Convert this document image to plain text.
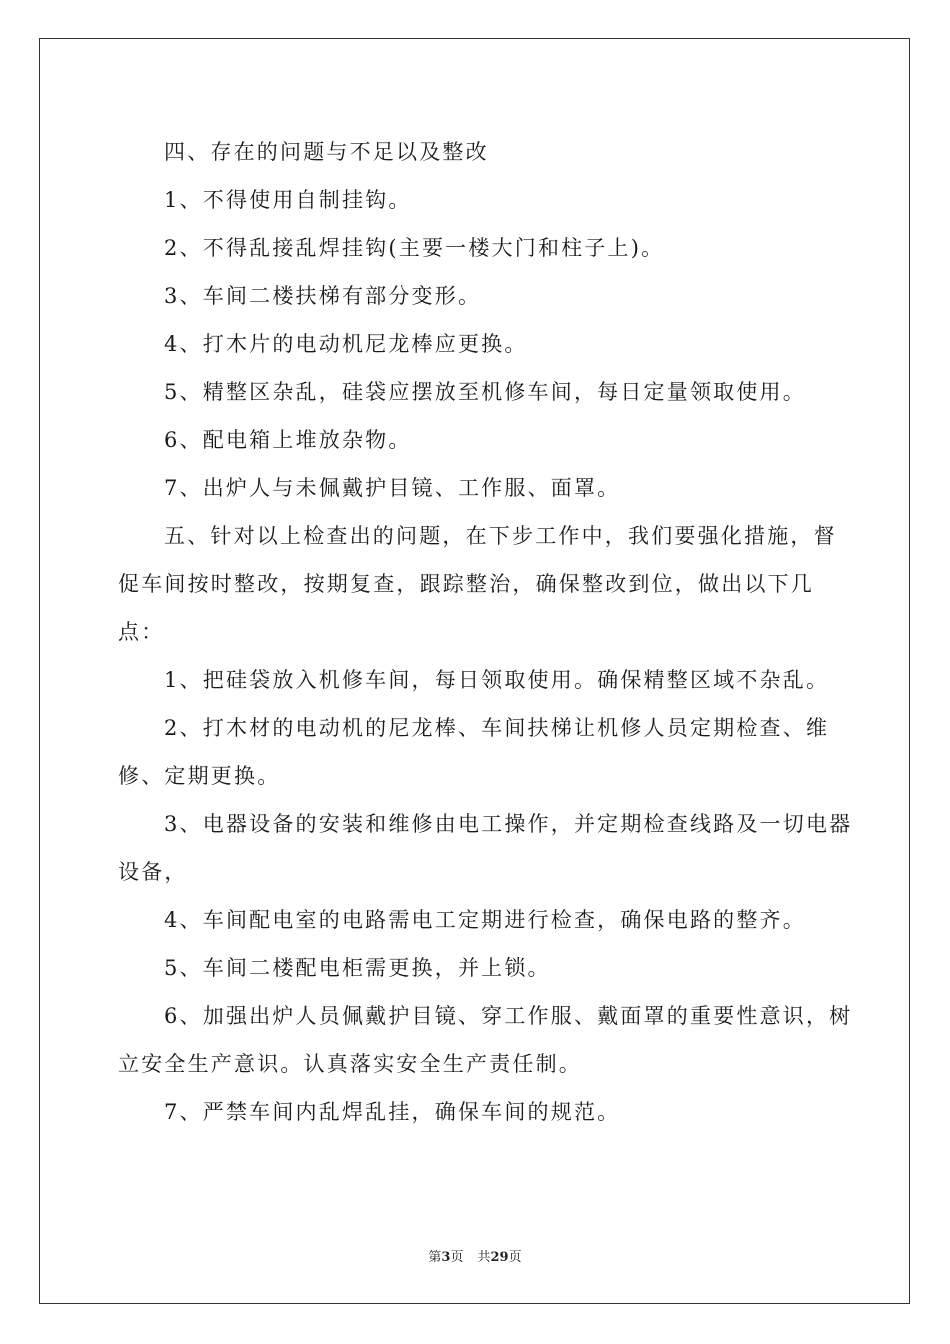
四、存在的问题与不足以及整改

1、不得使用自制挂钩。

2、不得乱接乱焊挂钩(主要一楼大门和柱子上)。

3、车间二楼扶梯有部分变形。

4、打木片的电动机尼龙棒应更换。

5、精整区杂乱，硅袋应摆放至机修车间，每日定量领取使用。

6、配电箱上堆放杂物。

7、出炉人与未佩戴护目镜、工作服、面罩。

五、针对以上检查出的问题，在下步工作中，我们要强化措施，督促车间按时整改，按期复查，跟踪整治，确保整改到位，做出以下几点：

1、把硅袋放入机修车间，每日领取使用。确保精整区域不杂乱。

2、打木材的电动机的尼龙棒、车间扶梯让机修人员定期检查、维修、定期更换。

3、电器设备的安装和维修由电工操作，并定期检查线路及一切电器设备，

4、车间配电室的电路需电工定期进行检查，确保电路的整齐。

5、车间二楼配电柜需更换，并上锁。

6、加强出炉人员佩戴护目镜、穿工作服、戴面罩的重要性意识，树立安全生产意识。认真落实安全生产责任制。

7、严禁车间内乱焊乱挂，确保车间的规范。

第3页 共29页
